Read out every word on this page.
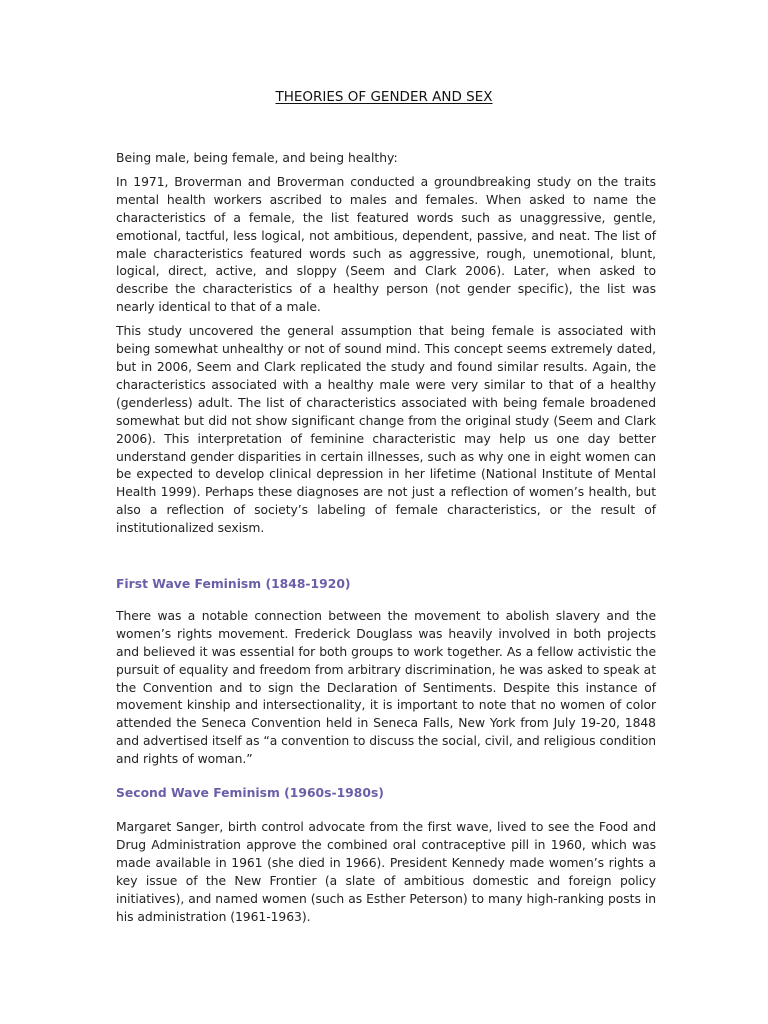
THEORIES OF GENDER AND SEX

Being male, being female, and being healthy:

In 1971, Broverman and Broverman conducted a groundbreaking study on the traits mental health workers ascribed to males and females. When asked to name the characteristics of a female, the list featured words such as unaggressive, gentle, emotional, tactful, less logical, not ambitious, dependent, passive, and neat. The list of male characteristics featured words such as aggressive, rough, unemotional, blunt, logical, direct, active, and sloppy (Seem and Clark 2006). Later, when asked to describe the characteristics of a healthy person (not gender specific), the list was nearly identical to that of a male.

This study uncovered the general assumption that being female is associated with being somewhat unhealthy or not of sound mind. This concept seems extremely dated, but in 2006, Seem and Clark replicated the study and found similar results. Again, the characteristics associated with a healthy male were very similar to that of a healthy (genderless) adult. The list of characteristics associated with being female broadened somewhat but did not show significant change from the original study (Seem and Clark 2006). This interpretation of feminine characteristic may help us one day better understand gender disparities in certain illnesses, such as why one in eight women can be expected to develop clinical depression in her lifetime (National Institute of Mental Health 1999). Perhaps these diagnoses are not just a reflection of women’s health, but also a reflection of society’s labeling of female characteristics, or the result of institutionalized sexism.

First Wave Feminism (1848-1920)

There was a notable connection between the movement to abolish slavery and the women’s rights movement. Frederick Douglass was heavily involved in both projects and believed it was essential for both groups to work together. As a fellow activistic the pursuit of equality and freedom from arbitrary discrimination, he was asked to speak at the Convention and to sign the Declaration of Sentiments. Despite this instance of movement kinship and intersectionality, it is important to note that no women of color attended the Seneca Convention held in Seneca Falls, New York from July 19-20, 1848 and advertised itself as “a convention to discuss the social, civil, and religious condition and rights of woman.”

Second Wave Feminism (1960s-1980s)

Margaret Sanger, birth control advocate from the first wave, lived to see the Food and Drug Administration approve the combined oral contraceptive pill in 1960, which was made available in 1961 (she died in 1966). President Kennedy made women’s rights a key issue of the New Frontier (a slate of ambitious domestic and foreign policy initiatives), and named women (such as Esther Peterson) to many high-ranking posts in his administration (1961-1963).
